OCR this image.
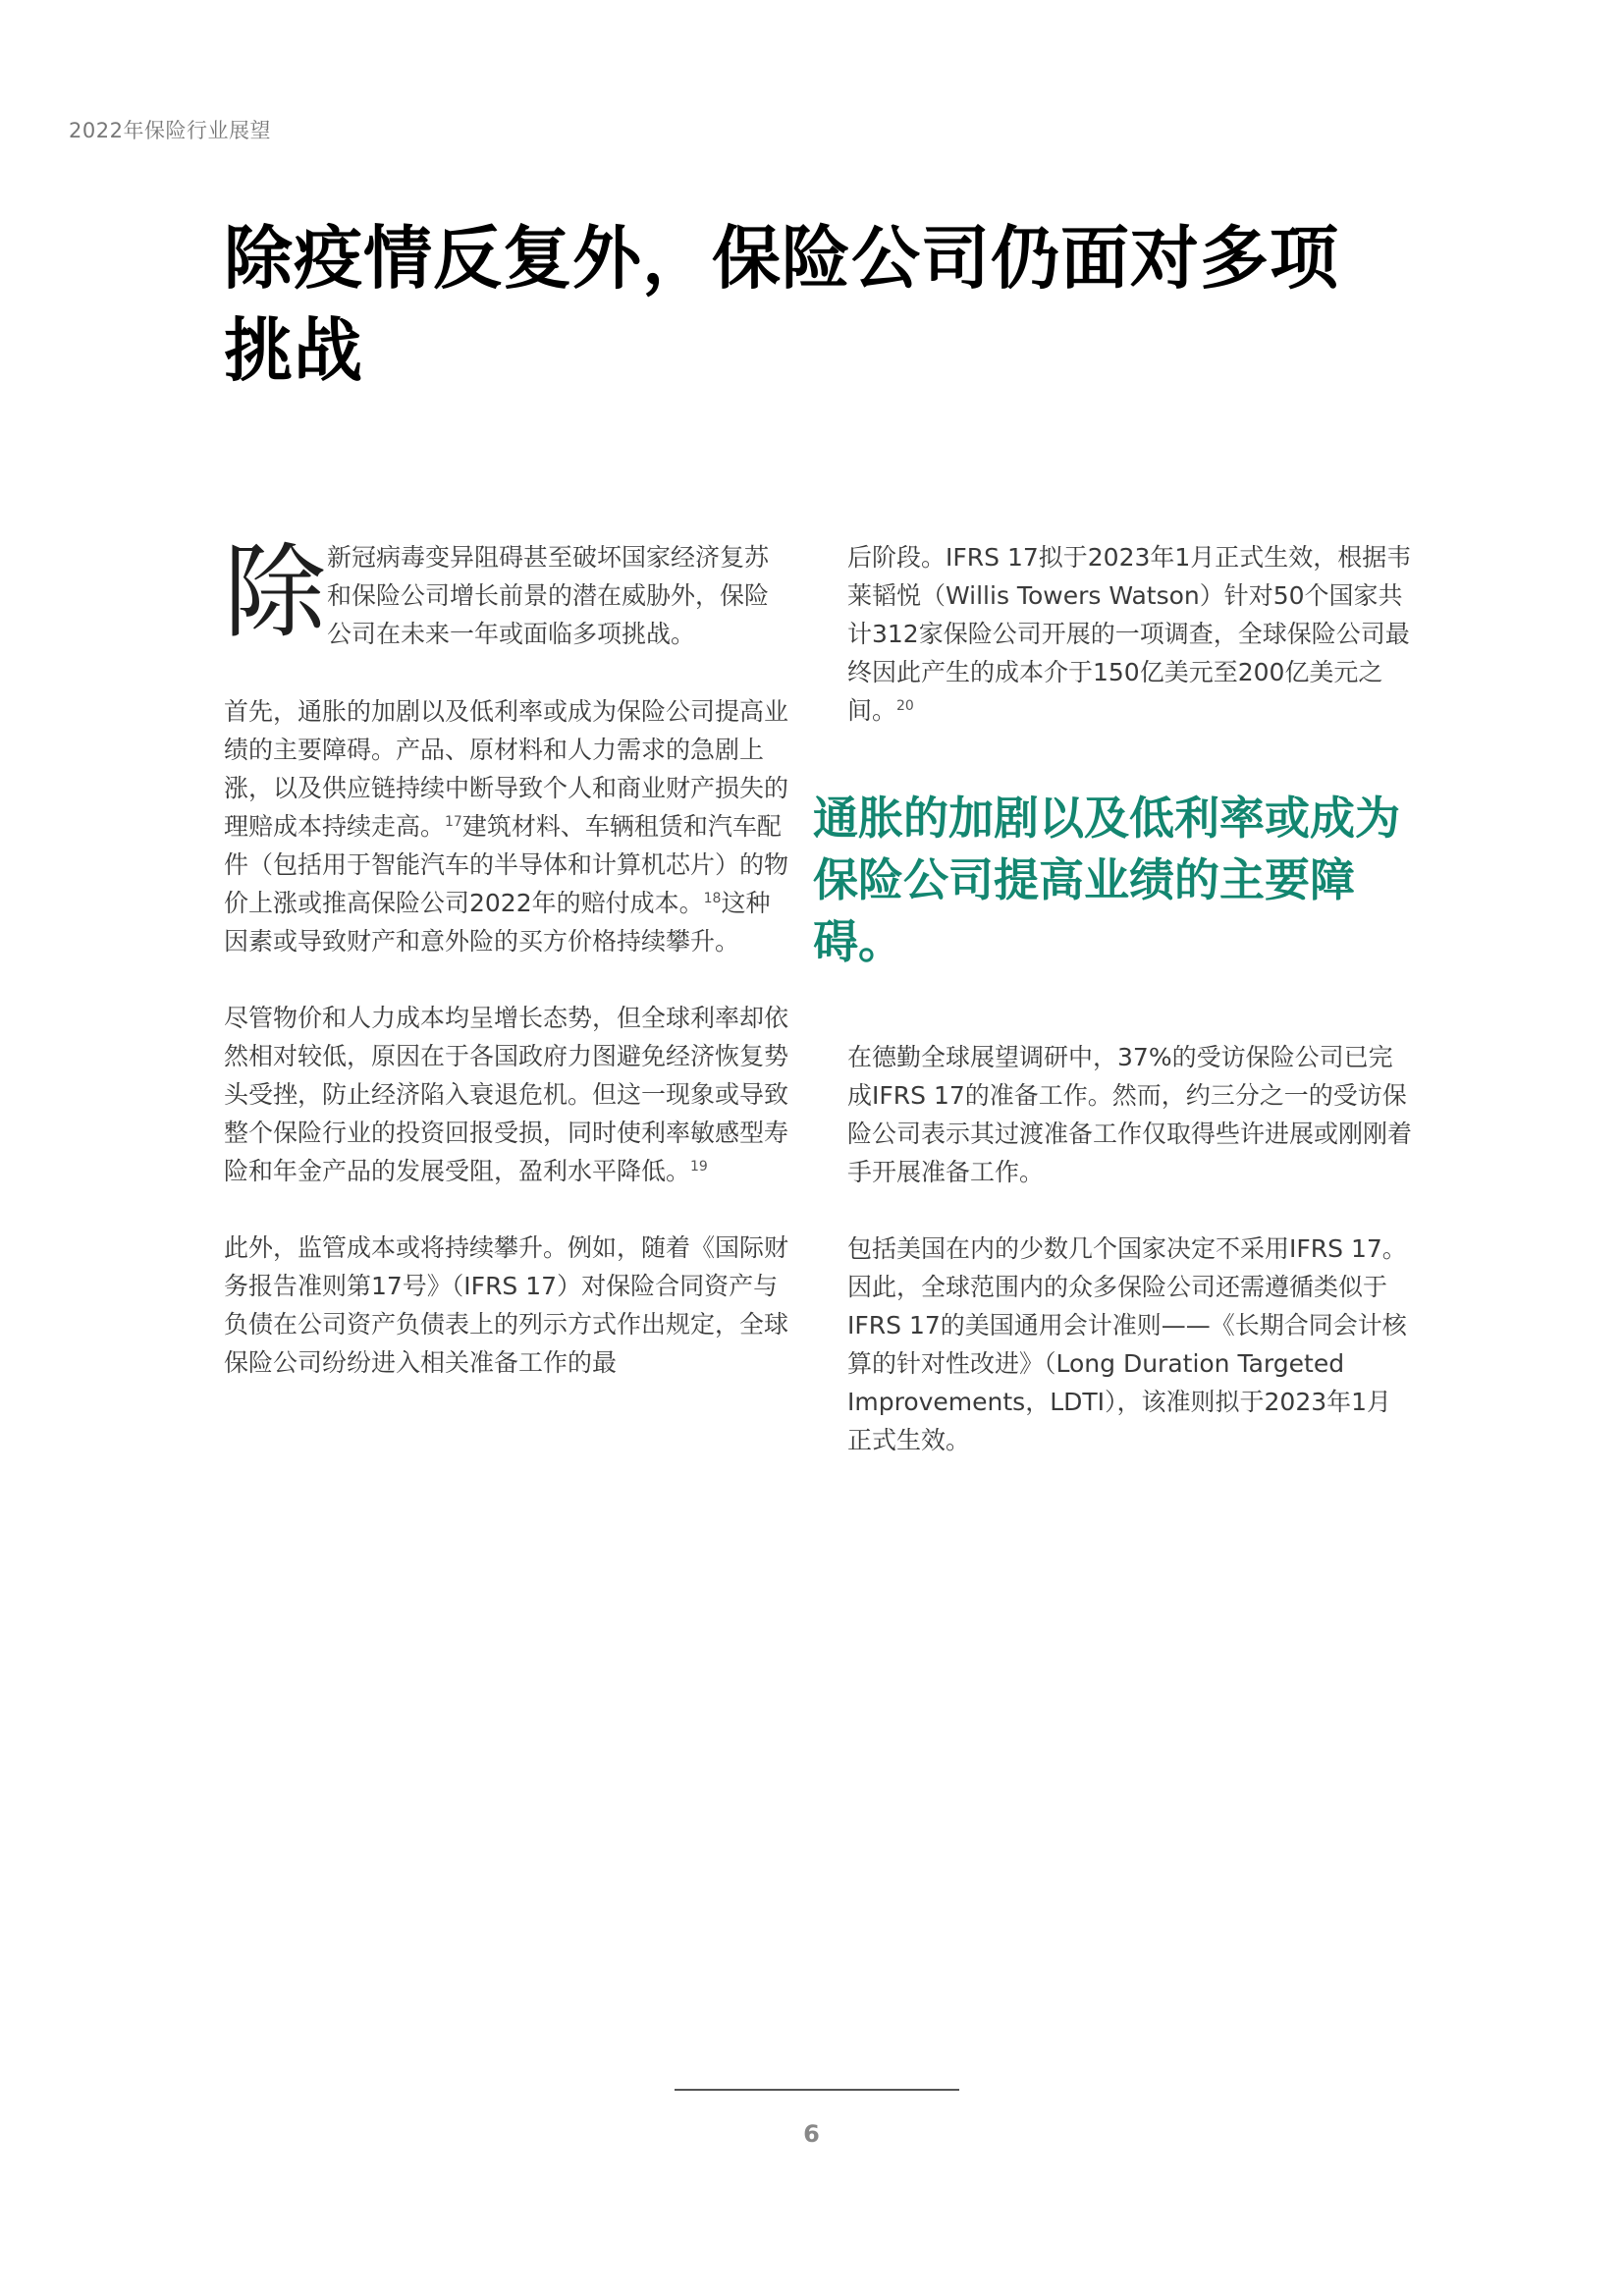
2022年保险行业展望
除疫情反复外，保险公司仍面对多项挑战
除 新冠病毒变异阻碍甚至破坏国家经济复苏和保险公司增长前景的潜在威胁外，保险公司在未来一年或面临多项挑战。

首先，通胀的加剧以及低利率或成为保险公司提高业绩的主要障碍。产品、原材料和人力需求的急剧上涨，以及供应链持续中断导致个人和商业财产损失的理赔成本持续走高。$^{17}$建筑材料、车辆租赁和汽车配件（包括用于智能汽车的半导体和计算机芯片）的物价上涨或推高保险公司2022年的赔付成本。$^{18}$这种因素或导致财产和意外险的买方价格持续攀升。

尽管物价和人力成本均呈增长态势，但全球利率却依然相对较低，原因在于各国政府力图避免经济恢复势头受挫，防止经济陷入衰退危机。但这一现象或导致整个保险行业的投资回报受损，同时使利率敏感型寿险和年金产品的发展受阻，盈利水平降低。$^{19}$

此外，监管成本或将持续攀升。例如，随着《国际财务报告准则第17号》（IFRS 17）对保险合同资产与负债在公司资产负债表上的列示方式作出规定，全球保险公司纷纷进入相关准备工作的最

后阶段。IFRS 17拟于2023年1月正式生效，根据韦莱韬悦（Willis Towers Watson）针对50个国家共计312家保险公司开展的一项调查，全球保险公司最终因此产生的成本介于150亿美元至200亿美元之间。$^{20}$

通胀的加剧以及低利率或成为保险公司提高业绩的主要障碍。

在德勤全球展望调研中，37%的受访保险公司已完成IFRS 17的准备工作。然而，约三分之一的受访保险公司表示其过渡准备工作仅取得些许进展或刚刚着手开展准备工作。

包括美国在内的少数几个国家决定不采用IFRS 17。因此，全球范围内的众多保险公司还需遵循类似于IFRS 17的美国通用会计准则——《长期合同会计核算的针对性改进》（Long Duration Targeted Improvements，LDTI），该准则拟于2023年1月正式生效。

6
